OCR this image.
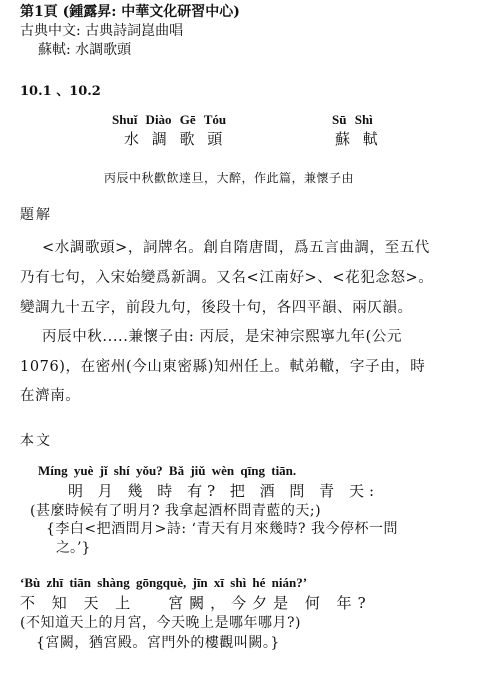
第1頁 (鍾露昇: 中華文化研習中心)
古典中文: 古典詩詞崑曲唱
蘇軾: 水調歌頭
10.1 、10.2
Shuǐ Diào Gē Tóu
水 調 歌 頭
Sū Shì
蘇 軾
丙辰中秋歡飲達旦，大醉，作此篇，兼懷子由
題解
<水調歌頭>，詞牌名。創自隋唐間，爲五言曲調，至五代
乃有七句，入宋始變爲新調。又名<江南好>、<花犯念怒>。
變調九十五字，前段九句，後段十句，各四平韻、兩仄韻。
丙辰中秋.....兼懷子由: 丙辰，是宋神宗熙寧九年(公元
1076)，在密州(今山東密縣)知州任上。軾弟轍，字子由，時
在濟南。
本文
Míng yuè jǐ shí yǒu? Bǎ jiǔ wèn qīng tiān.
明 月 幾 時 有? 把 酒 問 青 天:
(甚麼時候有了明月? 我拿起酒杯問青藍的天;)
{李白<把酒問月>詩: ‘青天有月來幾時? 我今停杯一問
之。’}
‘Bù zhī tiān shàng gōngquè, jīn xī shì hé nián?’
不 知 天 上　 宮闕，今夕是 何 年?
(不知道天上的月宮，今天晚上是哪年哪月?)
{宮闕，猶宮殿。宮門外的樓觀叫闕。}
